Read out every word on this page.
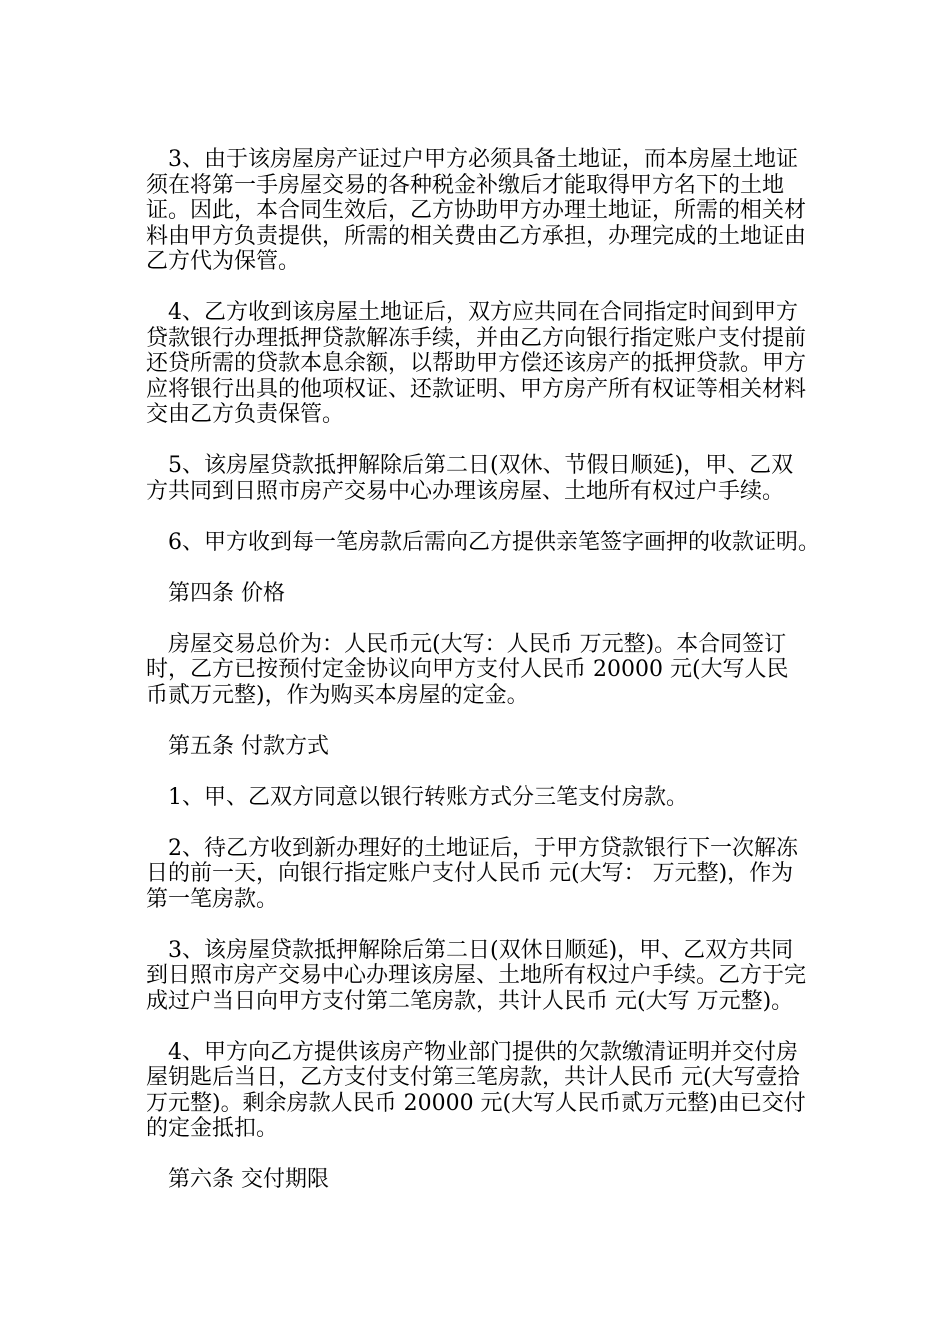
3、由于该房屋房产证过户甲方必须具备土地证，而本房屋土地证须在将第一手房屋交易的各种税金补缴后才能取得甲方名下的土地证。因此，本合同生效后，乙方协助甲方办理土地证，所需的相关材料由甲方负责提供，所需的相关费由乙方承担，办理完成的土地证由乙方代为保管。

4、乙方收到该房屋土地证后，双方应共同在合同指定时间到甲方贷款银行办理抵押贷款解冻手续，并由乙方向银行指定账户支付提前还贷所需的贷款本息余额，以帮助甲方偿还该房产的抵押贷款。甲方应将银行出具的他项权证、还款证明、甲方房产所有权证等相关材料交由乙方负责保管。

5、该房屋贷款抵押解除后第二日(双休、节假日顺延)，甲、乙双方共同到日照市房产交易中心办理该房屋、土地所有权过户手续。

6、甲方收到每一笔房款后需向乙方提供亲笔签字画押的收款证明。

第四条 价格

房屋交易总价为：人民币元(大写：人民币 万元整)。本合同签订时，乙方已按预付定金协议向甲方支付人民币 20000 元(大写人民币贰万元整)，作为购买本房屋的定金。

第五条 付款方式

1、甲、乙双方同意以银行转账方式分三笔支付房款。

2、待乙方收到新办理好的土地证后，于甲方贷款银行下一次解冻日的前一天，向银行指定账户支付人民币 元(大写： 万元整)，作为第一笔房款。

3、该房屋贷款抵押解除后第二日(双休日顺延)，甲、乙双方共同到日照市房产交易中心办理该房屋、土地所有权过户手续。乙方于完成过户当日向甲方支付第二笔房款，共计人民币 元(大写 万元整)。

4、甲方向乙方提供该房产物业部门提供的欠款缴清证明并交付房屋钥匙后当日，乙方支付支付第三笔房款，共计人民币 元(大写壹拾万元整)。剩余房款人民币 20000 元(大写人民币贰万元整)由已交付的定金抵扣。

第六条 交付期限
